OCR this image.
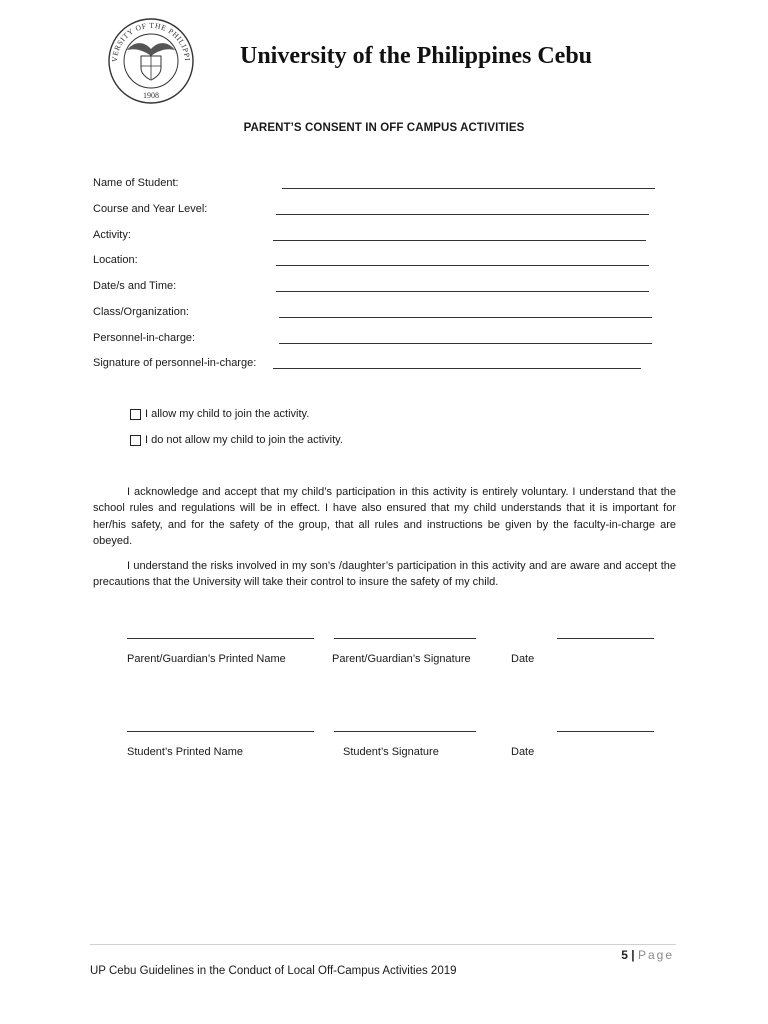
VERSITY OF THE PHILIPPI
1908
University of the Philippines Cebu
PARENT’S CONSENT IN OFF CAMPUS ACTIVITIES
Name of Student:
Course and Year Level:
Activity:
Location:
Date/s and Time:
Class/Organization:
Personnel-in-charge:
Signature of personnel-in-charge:
I allow my child to join the activity.
I do not allow my child to join the activity.
I acknowledge and accept that my child’s participation in this activity is entirely voluntary. I understand that the school rules and regulations will be in effect. I have also ensured that my child understands that it is important for her/his safety, and for the safety of the group, that all rules and instructions be given by the faculty-in-charge are obeyed.
I understand the risks involved in my son’s /daughter’s participation in this activity and are aware and accept the precautions that the University will take their control to insure the safety of my child.
Parent/Guardian’s Printed Name	Parent/Guardian’s Signature	Date
Student’s Printed Name	Student’s Signature	Date
5 | Page
UP Cebu Guidelines in the Conduct of Local Off-Campus Activities 2019
